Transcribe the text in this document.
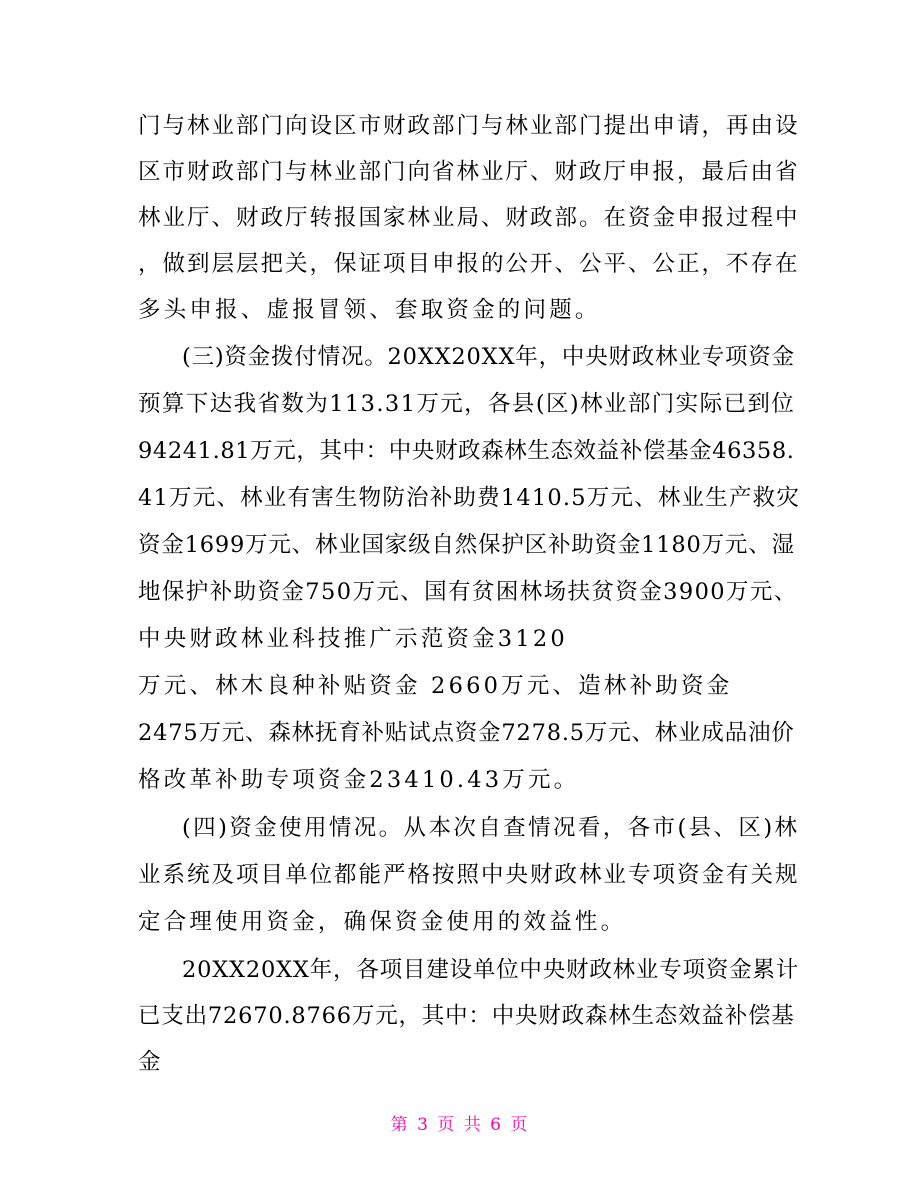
门与林业部门向设区市财政部门与林业部门提出申请，再由设
区市财政部门与林业部门向省林业厅、财政厅申报，最后由省
林业厅、财政厅转报国家林业局、财政部。在资金申报过程中
，做到层层把关，保证项目申报的公开、公平、公正，不存在
多头申报、虚报冒领、套取资金的问题。
(三)资金拨付情况。20XX20XX年，中央财政林业专项资金
预算下达我省数为113.31万元，各县(区)林业部门实际已到位
94241.81万元，其中：中央财政森林生态效益补偿基金46358.
41万元、林业有害生物防治补助费1410.5万元、林业生产救灾
资金1699万元、林业国家级自然保护区补助资金1180万元、湿
地保护补助资金750万元、国有贫困林场扶贫资金3900万元、
中央财政林业科技推广示范资金3120
万元、林木良种补贴资金 2660万元、造林补助资金
2475万元、森林抚育补贴试点资金7278.5万元、林业成品油价
格改革补助专项资金23410.43万元。
(四)资金使用情况。从本次自查情况看，各市(县、区)林
业系统及项目单位都能严格按照中央财政林业专项资金有关规
定合理使用资金，确保资金使用的效益性。
20XX20XX年，各项目建设单位中央财政林业专项资金累计
已支出72670.8766万元，其中：中央财政森林生态效益补偿基
金
第 3 页 共 6 页
